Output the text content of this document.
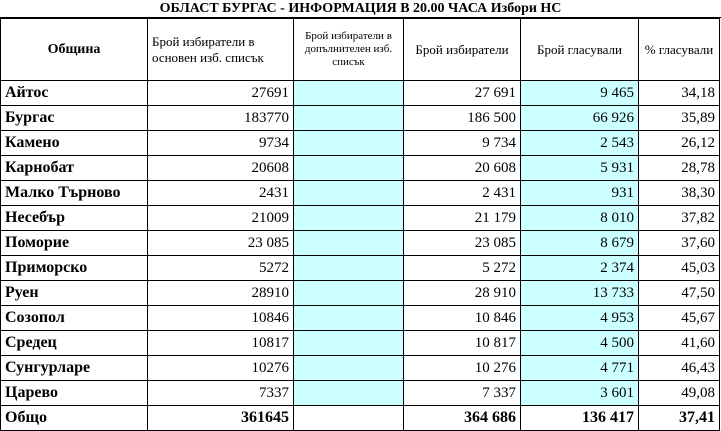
ОБЛАСТ БУРГАС - ИНФОРМАЦИЯ В 20.00 ЧАСА Избори НС
Община	Брой избиратели в основен изб. списък	Брой избиратели в допълнителен изб. списък	Брой избиратели	Брой гласували	% гласували
Айтос	27691		27 691	9 465	34,18
Бургас	183770		186 500	66 926	35,89
Камено	9734		9 734	2 543	26,12
Карнобат	20608		20 608	5 931	28,78
Малко Търново	2431		2 431	931	38,30
Несебър	21009		21 179	8 010	37,82
Поморие	23 085		23 085	8 679	37,60
Приморско	5272		5 272	2 374	45,03
Руен	28910		28 910	13 733	47,50
Созопол	10846		10 846	4 953	45,67
Средец	10817		10 817	4 500	41,60
Сунгурларе	10276		10 276	4 771	46,43
Царево	7337		7 337	3 601	49,08
Общо	361645		364 686	136 417	37,41
